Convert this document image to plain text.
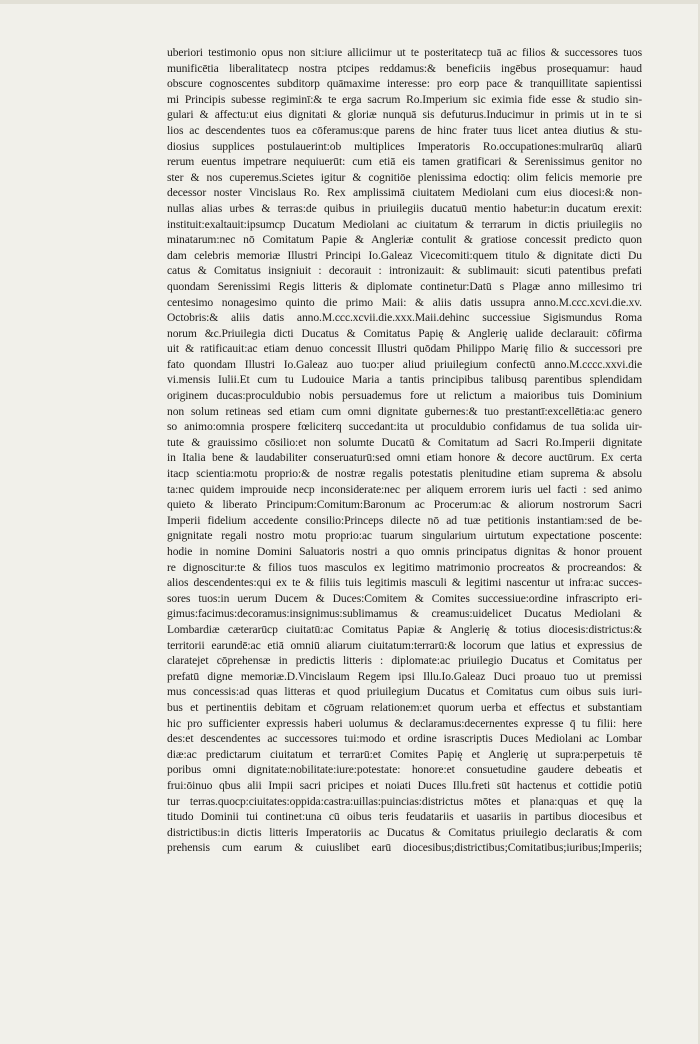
uberiori testimonio opus non sit:iure alliciimur ut te posteritatecp tuā ac filios & successores tuos
munificētia liberalitatecp nostra ptcipes reddamus:& beneficiis ingēbus prosequamur: haud
obscure cognoscentes subditorp quāmaxime interesse: pro eorp pace & tranquillitate sapientissi
mi Principis subesse regiminī:& te erga sacrum Ro.Imperium sic eximia fide esse & studio sin-
gulari & affectu:ut eius dignitati & gloriæ nunquā sis defuturus.Inducimur in primis ut in te si
lios ac descendentes tuos ea cōferamus:que parens de hinc frater tuus licet antea diutius & stu-
diosius supplices postulauerint:ob multiplices Imperatoris Ro.occupationes:mulrarūq aliarū
rerum euentus impetrare nequiuerūt: cum etiā eis tamen gratificari & Serenissimus genitor no
ster & nos cuperemus.Scietes igitur & cognitiōe plenissima edoctiq: olim felicis memorie pre
decessor noster Vincislaus Ro. Rex amplissimā ciuitatem Mediolani cum eius diocesi:& non-
nullas alias urbes & terras:de quibus in priuilegiis ducatuū mentio habetur:in ducatum erexit:
instituit:exaltauit:ipsumcp Ducatum Mediolani ac ciuitatum & terrarum in dictis priuilegiis no
minatarum:nec nō Comitatum Papie & Angleriæ contulit & gratiose concessit predicto quon
dam celebris memoriæ Illustri Principi Io.Galeaz Vicecomiti:quem titulo & dignitate dicti Du
catus & Comitatus insigniuit : decorauit : intronizauit: & sublimauit: sicuti patentibus prefati
quondam Serenissimi Regis litteris & diplomate continetur:Datū s Plagæ anno millesimo tri
centesimo nonagesimo quinto die primo Maii: & aliis datis ussupra anno.M.ccc.xcvi.die.xv.
Octobris:& aliis datis anno.M.ccc.xcvii.die.xxx.Maii.dehinc successiue Sigismundus Roma
norum &c.Priuilegia dicti Ducatus & Comitatus Papię & Anglerię ualide declarauit: cōfirma
uit & ratificauit:ac etiam denuo concessit Illustri quōdam Philippo Marię filio & successori pre
fato quondam Illustri Io.Galeaz auo tuo:per aliud priuilegium confectū anno.M.cccc.xxvi.die
vi.mensis Iulii.Et cum tu Ludouice Maria a tantis principibus talibusq parentibus splendidam
originem ducas:proculdubio nobis persuademus fore ut relictum a maioribus tuis Dominium
non solum retineas sed etiam cum omni dignitate gubernes:& tuo prestantī:excellētia:ac genero
so animo:omnia prospere fœliciterq succedant:ita ut proculdubio confidamus de tua solida uir-
tute & grauissimo cōsilio:et non solumte Ducatū & Comitatum ad Sacri Ro.Imperii dignitate
in Italia bene & laudabiliter conseruaturū:sed omni etiam honore & decore auctūrum. Ex certa
itacp scientia:motu proprio:& de nostræ regalis potestatis plenitudine etiam suprema & absolu
ta:nec quidem improuide necp inconsiderate:nec per aliquem errorem iuris uel facti : sed animo
quieto & liberato Principum:Comitum:Baronum ac Procerum:ac & aliorum nostrorum Sacri
Imperii fidelium accedente consilio:Princeps dilecte nō ad tuæ petitionis instantiam:sed de be-
gnignitate regali nostro motu proprio:ac tuarum singularium uirtutum expectatione poscente:
hodie in nomine Domini Saluatoris nostri a quo omnis principatus dignitas & honor prouent
re dignoscitur:te & filios tuos masculos ex legitimo matrimonio procreatos & procreandos: &
alios descendentes:qui ex te & filiis tuis legitimis masculi & legitimi nascentur ut infra:ac succes-
sores tuos:in uerum Ducem & Duces:Comitem & Comites successiue:ordine infrascripto eri-
gimus:facimus:decoramus:insignimus:sublimamus & creamus:uidelicet Ducatus Mediolani &
Lombardiæ cæterarūcp ciuitatū:ac Comitatus Papiæ & Anglerię & totius diocesis:districtus:&
territorii earundē:ac etiā omniū aliarum ciuitatum:terrarū:& locorum que latius et expressius de
claratejet cōprehensæ in predictis litteris : diplomate:ac priuilegio Ducatus et Comitatus per
prefatū digne memoriæ.D.Vincislaum Regem ipsi Illu.Io.Galeaz Duci proauo tuo ut premissi
mus concessis:ad quas litteras et quod priuilegium Ducatus et Comitatus cum oibus suis iuri-
bus et pertinentiis debitam et cōgruam relationem:et quorum uerba et effectus et substantiam
hic pro sufficienter expressis haberi uolumus & declaramus:decernentes expresse q̄ tu filii: here
des:et descendentes ac successores tui:modo et ordine israscriptis Duces Mediolani ac Lombar
diæ:ac predictarum ciuitatum et terrarū:et Comites Papię et Anglerię ut supra:perpetuis tē
poribus omni dignitate:nobilitate:iure:potestate: honore:et consuetudine gaudere debeatis et
frui:ōinuo qbus alii Impii sacri pricipes et noiati Duces Illu.freti sūt hactenus et cottidie potiū
tur terras.quocp:ciuitates:oppida:castra:uillas:puincias:districtus mōtes et plana:quas et quę la
titudo Dominii tui continet:una cū oibus teris feudatariis et uasariis in partibus diocesibus et
districtibus:in dictis litteris Imperatoriis ac Ducatus & Comitatus priuilegio declaratis & com
prehensis cum earum & cuiuslibet earū diocesibus;districtibus;Comitatibus;iuribus;Imperiis;
